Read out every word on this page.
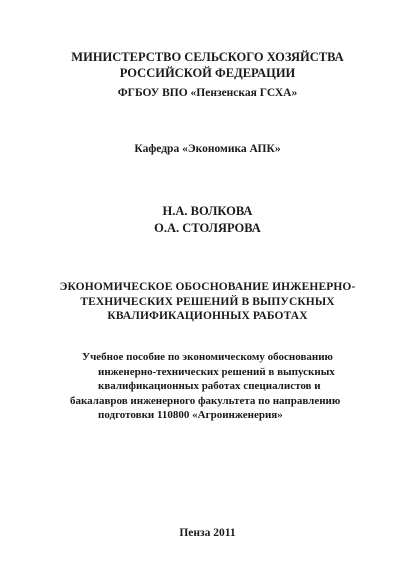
МИНИСТЕРСТВО СЕЛЬСКОГО ХОЗЯЙСТВА
РОССИЙСКОЙ ФЕДЕРАЦИИ
ФГБОУ ВПО «Пензенская ГСХА»
Кафедра «Экономика АПК»
Н.А. ВОЛКОВА
О.А. СТОЛЯРОВА
ЭКОНОМИЧЕСКОЕ ОБОСНОВАНИЕ ИНЖЕНЕРНО-
ТЕХНИЧЕСКИХ РЕШЕНИЙ В ВЫПУСКНЫХ
КВАЛИФИКАЦИОННЫХ РАБОТАХ
Учебное пособие по экономическому обоснованию
инженерно-технических решений в выпускных
квалификационных работах специалистов и
бакалавров инженерного факультета по направлению
подготовки 110800 «Агроинженерия»
Пенза 2011
